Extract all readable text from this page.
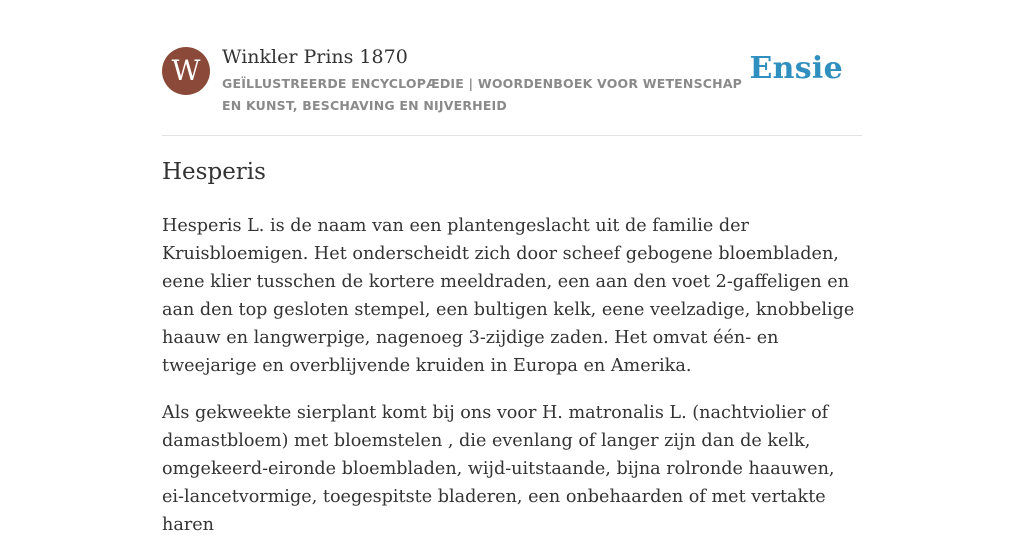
W	Winkler Prins 1870
GEÏLLUSTREERDE ENCYCLOPÆDIE | WOORDENBOEK VOOR WETENSCHAP EN KUNST, BESCHAVING EN NIJVERHEID
Ensie
Hesperis

Hesperis L. is de naam van een plantengeslacht uit de familie der Kruisbloemigen. Het onderscheidt zich door scheef gebogene bloembladen, eene klier tusschen de kortere meeldraden, een aan den voet 2-gaffeligen en aan den top gesloten stempel, een bultigen kelk, eene veelzadige, knobbelige haauw en langwerpige, nagenoeg 3-zijdige zaden. Het omvat één- en tweejarige en overblijvende kruiden in Europa en Amerika.

Als gekweekte sierplant komt bij ons voor H. matronalis L. (nachtviolier of damastbloem) met bloemstelen , die evenlang of langer zijn dan de kelk, omgekeerd-eironde bloembladen, wijd-uitstaande, bijna rolronde haauwen, ei-lancetvormige, toegespitste bladeren, een onbehaarden of met vertakte haren
